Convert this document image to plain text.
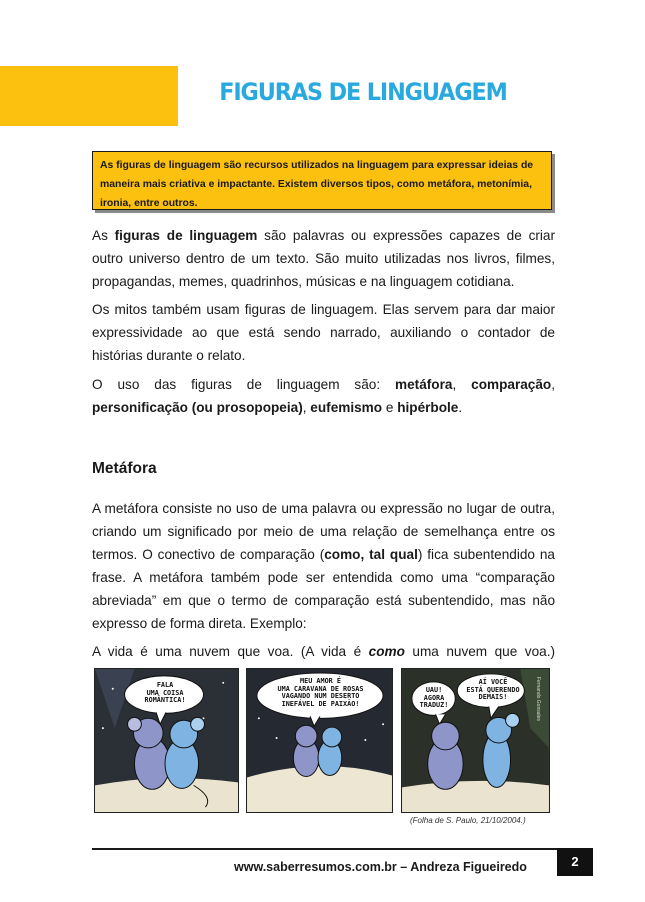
FIGURAS DE LINGUAGEM
As figuras de linguagem são recursos utilizados na linguagem para expressar ideias de maneira mais criativa e impactante. Existem diversos tipos, como metáfora, metonímia, ironia, entre outros.

As figuras de linguagem são palavras ou expressões capazes de criar outro universo dentro de um texto. São muito utilizadas nos livros, filmes, propagandas, memes, quadrinhos, músicas e na linguagem cotidiana.

Os mitos também usam figuras de linguagem. Elas servem para dar maior expressividade ao que está sendo narrado, auxiliando o contador de histórias durante o relato.

O uso das figuras de linguagem são: metáfora, comparação, personificação (ou prosopopeia), eufemismo e hipérbole.

Metáfora

A metáfora consiste no uso de uma palavra ou expressão no lugar de outra, criando um significado por meio de uma relação de semelhança entre os termos. O conectivo de comparação (como, tal qual) fica subentendido na frase. A metáfora também pode ser entendida como uma “comparação abreviada” em que o termo de comparação está subentendido, mas não expresso de forma direta. Exemplo:

A vida é uma nuvem que voa. (A vida é como uma nuvem que voa.)

FALA
UMA COISA
ROMÂNTICA!
MEU AMOR É
UMA CARAVANA DE ROSAS
VAGANDO NUM DESERTO
INEFÁVEL DE PAIXÃO!
UAU!
AGORA
TRADUZ!
AÍ VOCÊ
ESTÁ QUERENDO
DEMAIS!	Fernando Gonsales
(Folha de S. Paulo, 21/10/2004.)
www.saberresumos.com.br – Andreza Figueiredo	2
